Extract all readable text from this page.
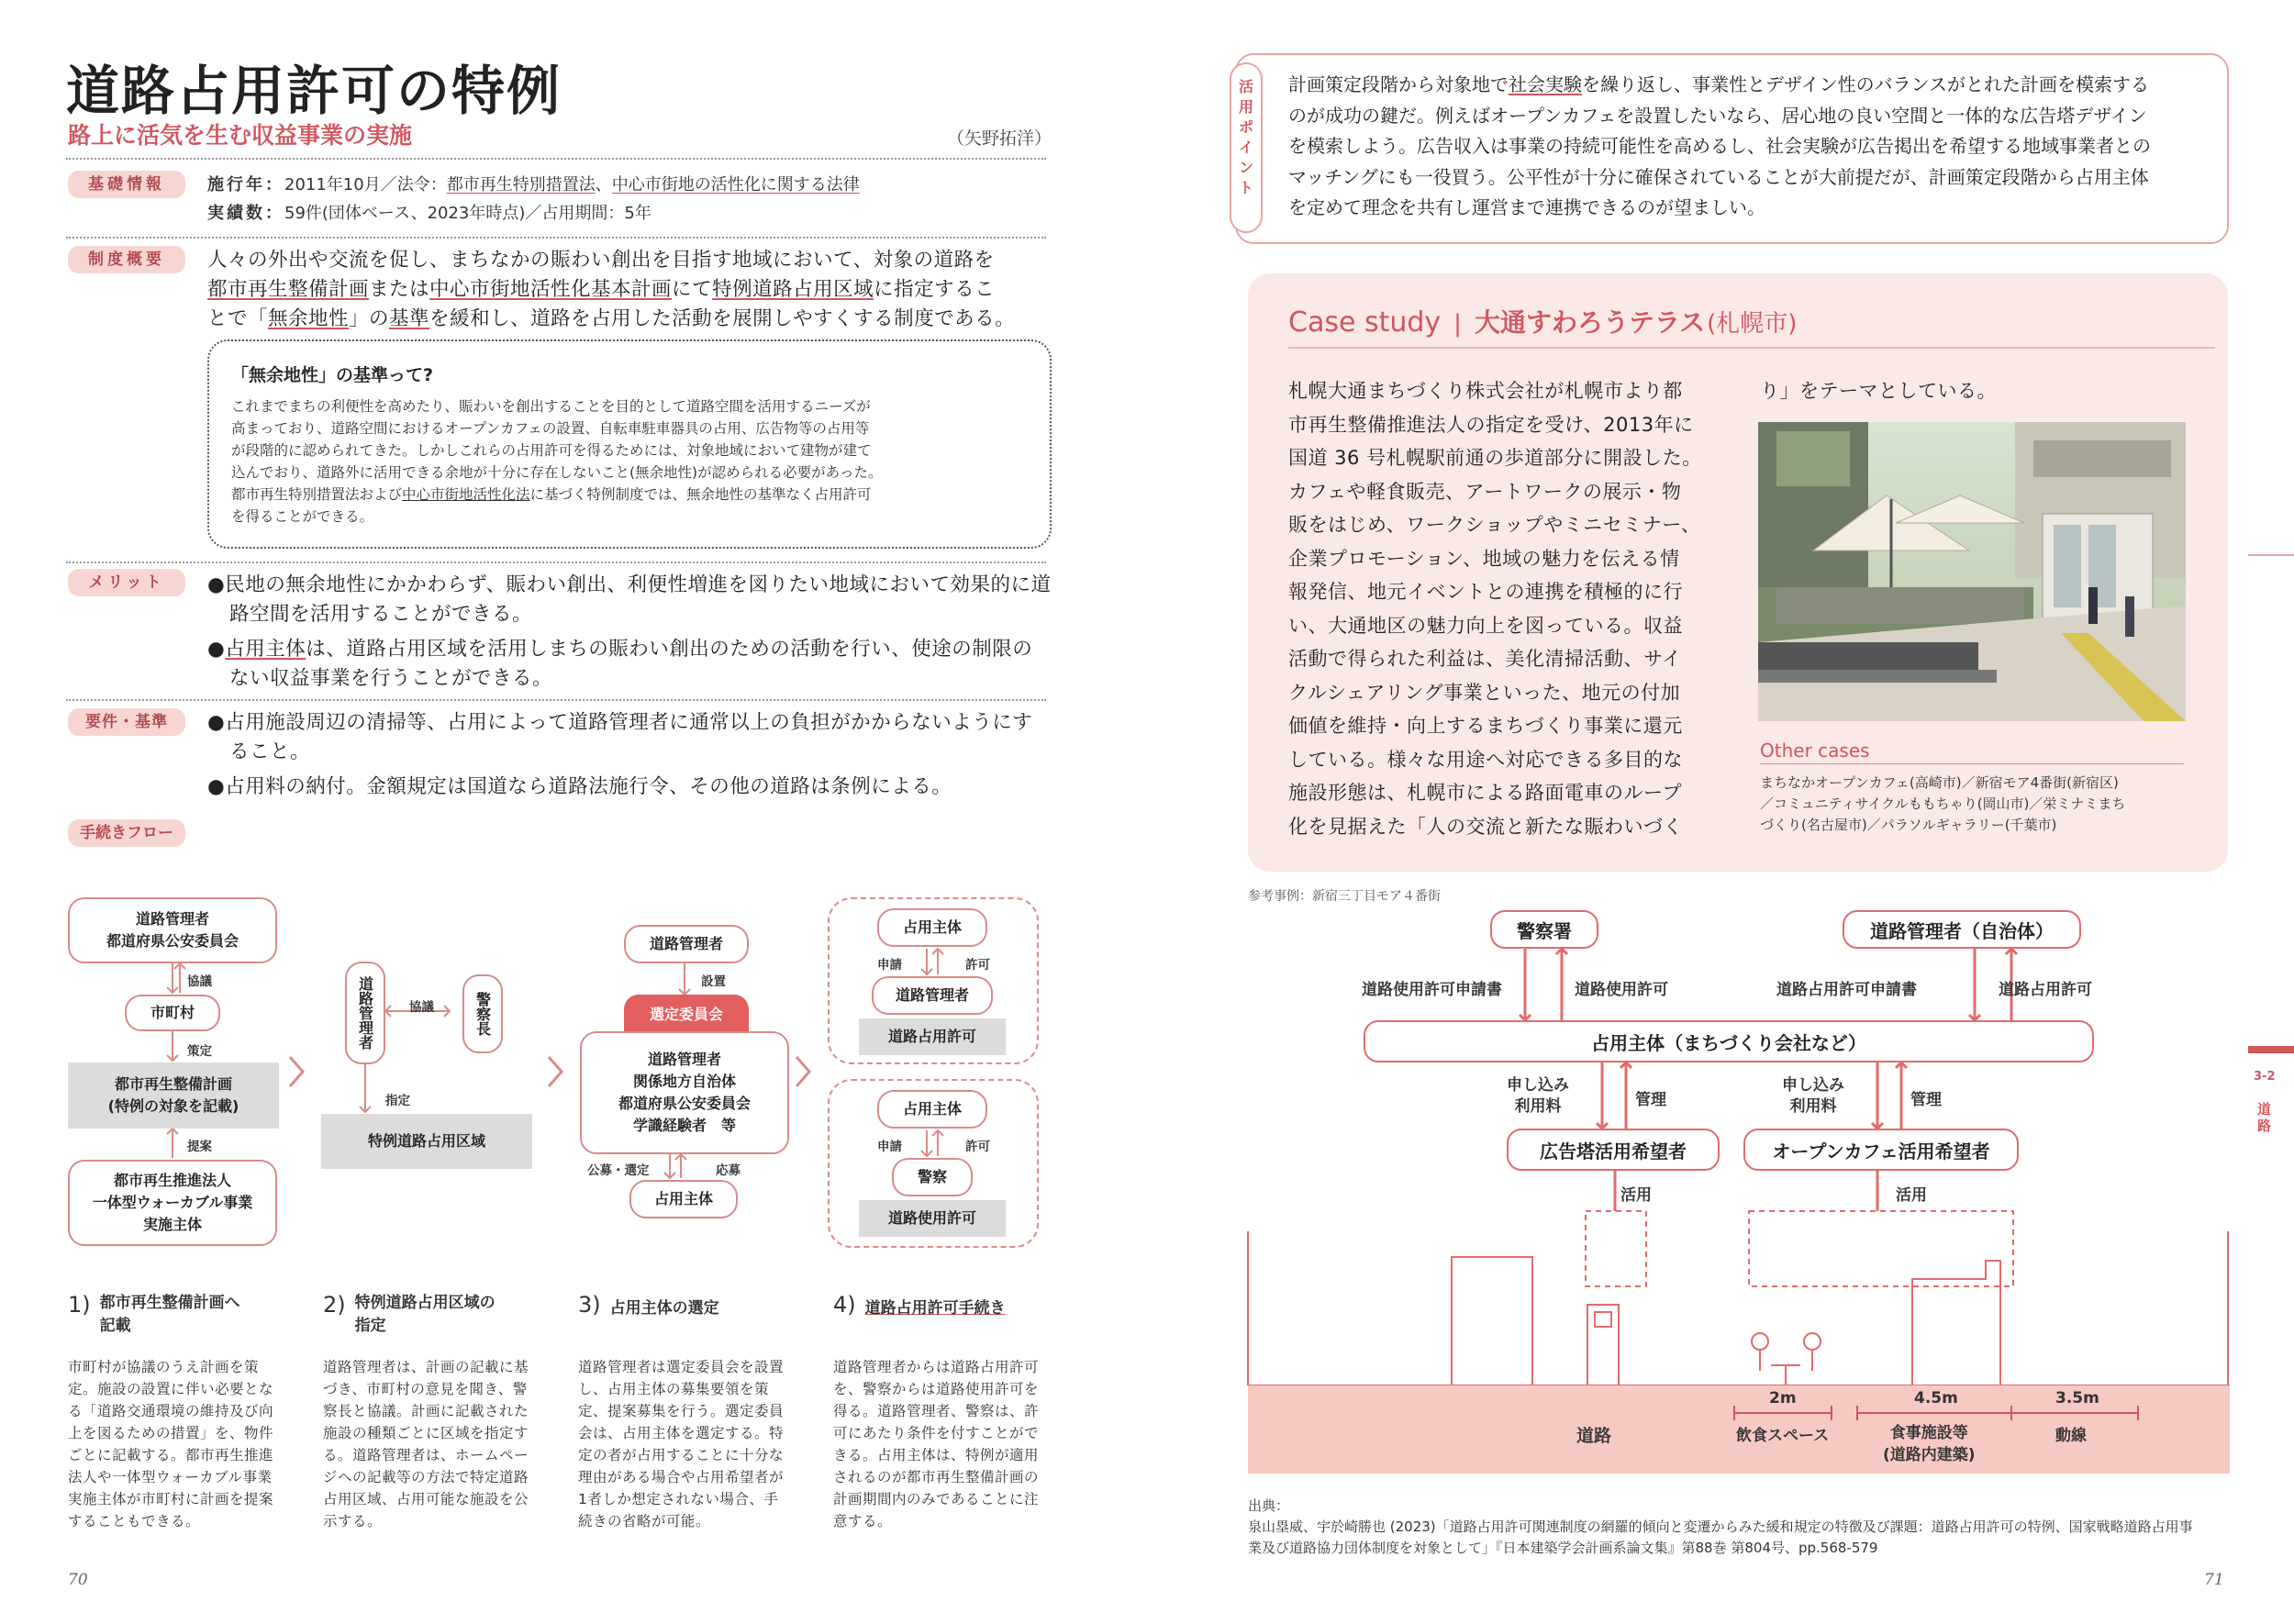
道路占用許可の特例
路上に活気を生む収益事業の実施	（矢野拓洋）
基礎情報	施行年：2011年10月／法令：都市再生特別措置法、中心市街地の活性化に関する法律
実績数：59件(団体ベース、2023年時点)／占用期間：5年
制度概要	人々の外出や交流を促し、まちなかの賑わい創出を目指す地域において、対象の道路を
都市再生整備計画または中心市街地活性化基本計画にて特例道路占用区域に指定するこ
とで「無余地性」の基準を緩和し、道路を占用した活動を展開しやすくする制度である。
「無余地性」の基準って?

これまでまちの利便性を高めたり、賑わいを創出することを目的として道路空間を活用するニーズが

高まっており、道路空間におけるオープンカフェの設置、自転車駐車器具の占用、広告物等の占用等

が段階的に認められてきた。しかしこれらの占用許可を得るためには、対象地域において建物が建て

込んでおり、道路外に活用できる余地が十分に存在しないこと(無余地性)が認められる必要があった。

都市再生特別措置法および中心市街地活性化法に基づく特例制度では、無余地性の基準なく占用許可

を得ることができる。

メリット	●民地の無余地性にかかわらず、賑わい創出、利便性増進を図りたい地域において効果的に道路空間を活用することができる。
●占用主体は、道路占用区域を活用しまちの賑わい創出のための活動を行い、使途の制限のない収益事業を行うことができる。
要件・基準	●占用施設周辺の清掃等、占用によって道路管理者に通常以上の負担がかからないようにすること。
●占用料の納付。金額規定は国道なら道路法施行令、その他の道路は条例による。
手続きフロー
道路管理者
都道府県公安委員会
協議
市町村
策定
都市再生整備計画
(特例の対象を記載)
提案
都市再生推進法人
一体型ウォーカブル事業
実施主体
道路管理者	協議	警察長
指定
特例道路占用区域
道路管理者
設置
選定委員会
道路管理者
関係地方自治体
都道府県公安委員会
学識経験者　等
公募・選定	応募
占用主体
占用主体
申請	許可
道路管理者
道路占用許可
占用主体
申請	許可
警察
道路使用許可
1) 都市再生整備計画へ
記載
市町村が協議のうえ計画を策定。施設の設置に伴い必要となる「道路交通環境の維持及び向上を図るための措置」を、物件ごとに記載する。都市再生推進法人や一体型ウォーカブル事業実施主体が市町村に計画を提案することもできる。
2) 特例道路占用区域の
指定
道路管理者は、計画の記載に基づき、市町村の意見を聞き、警察長と協議。計画に記載された施設の種類ごとに区域を指定する。道路管理者は、ホームページへの記載等の方法で特定道路占用区域、占用可能な施設を公示する。
3) 占用主体の選定
道路管理者は選定委員会を設置し、占用主体の募集要領を策定、提案募集を行う。選定委員会は、占用主体を選定する。特定の者が占用することに十分な理由がある場合や占用希望者が1者しか想定されない場合、手続きの省略が可能。
4) 道路占用許可手続き
道路管理者からは道路占用許可を、警察からは道路使用許可を得る。道路管理者、警察は、許可にあたり条件を付すことができる。占用主体は、特例が適用されるのが都市再生整備計画の計画期間内のみであることに注意する。
70
活
用
ポ
イ
ン
ト
計画策定段階から対象地で社会実験を繰り返し、事業性とデザイン性のバランスがとれた計画を模索する
のが成功の鍵だ。例えばオープンカフェを設置したいなら、居心地の良い空間と一体的な広告塔デザイン
を模索しよう。広告収入は事業の持続可能性を高めるし、社会実験が広告掲出を希望する地域事業者との
マッチングにも一役買う。公平性が十分に確保されていることが大前提だが、計画策定段階から占用主体
を定めて理念を共有し運営まで連携できるのが望ましい。
Case study | 大通すわろうテラス (札幌市)
札幌大通まちづくり株式会社が札幌市より都
市再生整備推進法人の指定を受け、2013年に
国道 36 号札幌駅前通の歩道部分に開設した。
カフェや軽食販売、アートワークの展示・物
販をはじめ、ワークショップやミニセミナー、
企業プロモーション、地域の魅力を伝える情
報発信、地元イベントとの連携を積極的に行
い、大通地区の魅力向上を図っている。収益
活動で得られた利益は、美化清掃活動、サイ
クルシェアリング事業といった、地元の付加
価値を維持・向上するまちづくり事業に還元
している。様々な用途へ対応できる多目的な
施設形態は、札幌市による路面電車のループ
化を見据えた「人の交流と新たな賑わいづく
り」をテーマとしている。
Other cases
まちなかオープンカフェ(高崎市)／新宿モア4番街(新宿区)
／コミュニティサイクルももちゃり(岡山市)／栄ミナミまち
づくり(名古屋市)／パラソルギャラリー(千葉市)
参考事例：新宿三丁目モア４番街
警察署	道路管理者（自治体）
道路使用許可申請書	道路使用許可	道路占用許可申請書	道路占用許可
占用主体（まちづくり会社など）
申し込み
利用料	管理
申し込み
利用料	管理
広告塔活用希望者	オープンカフェ活用希望者
活用	活用
2m	4.5m	3.5m
道路	飲食スペース	食事施設等
(道路内建築)
動線
出典：
泉山塁威、宇於崎勝也 (2023)「道路占用許可関連制度の網羅的傾向と変遷からみた緩和規定の特徴及び課題：道路占用許可の特例、国家戦略道路占用事
業及び道路協力団体制度を対象として」『日本建築学会計画系論文集』第88巻 第804号、pp.568-579
3-2
道
路
71
